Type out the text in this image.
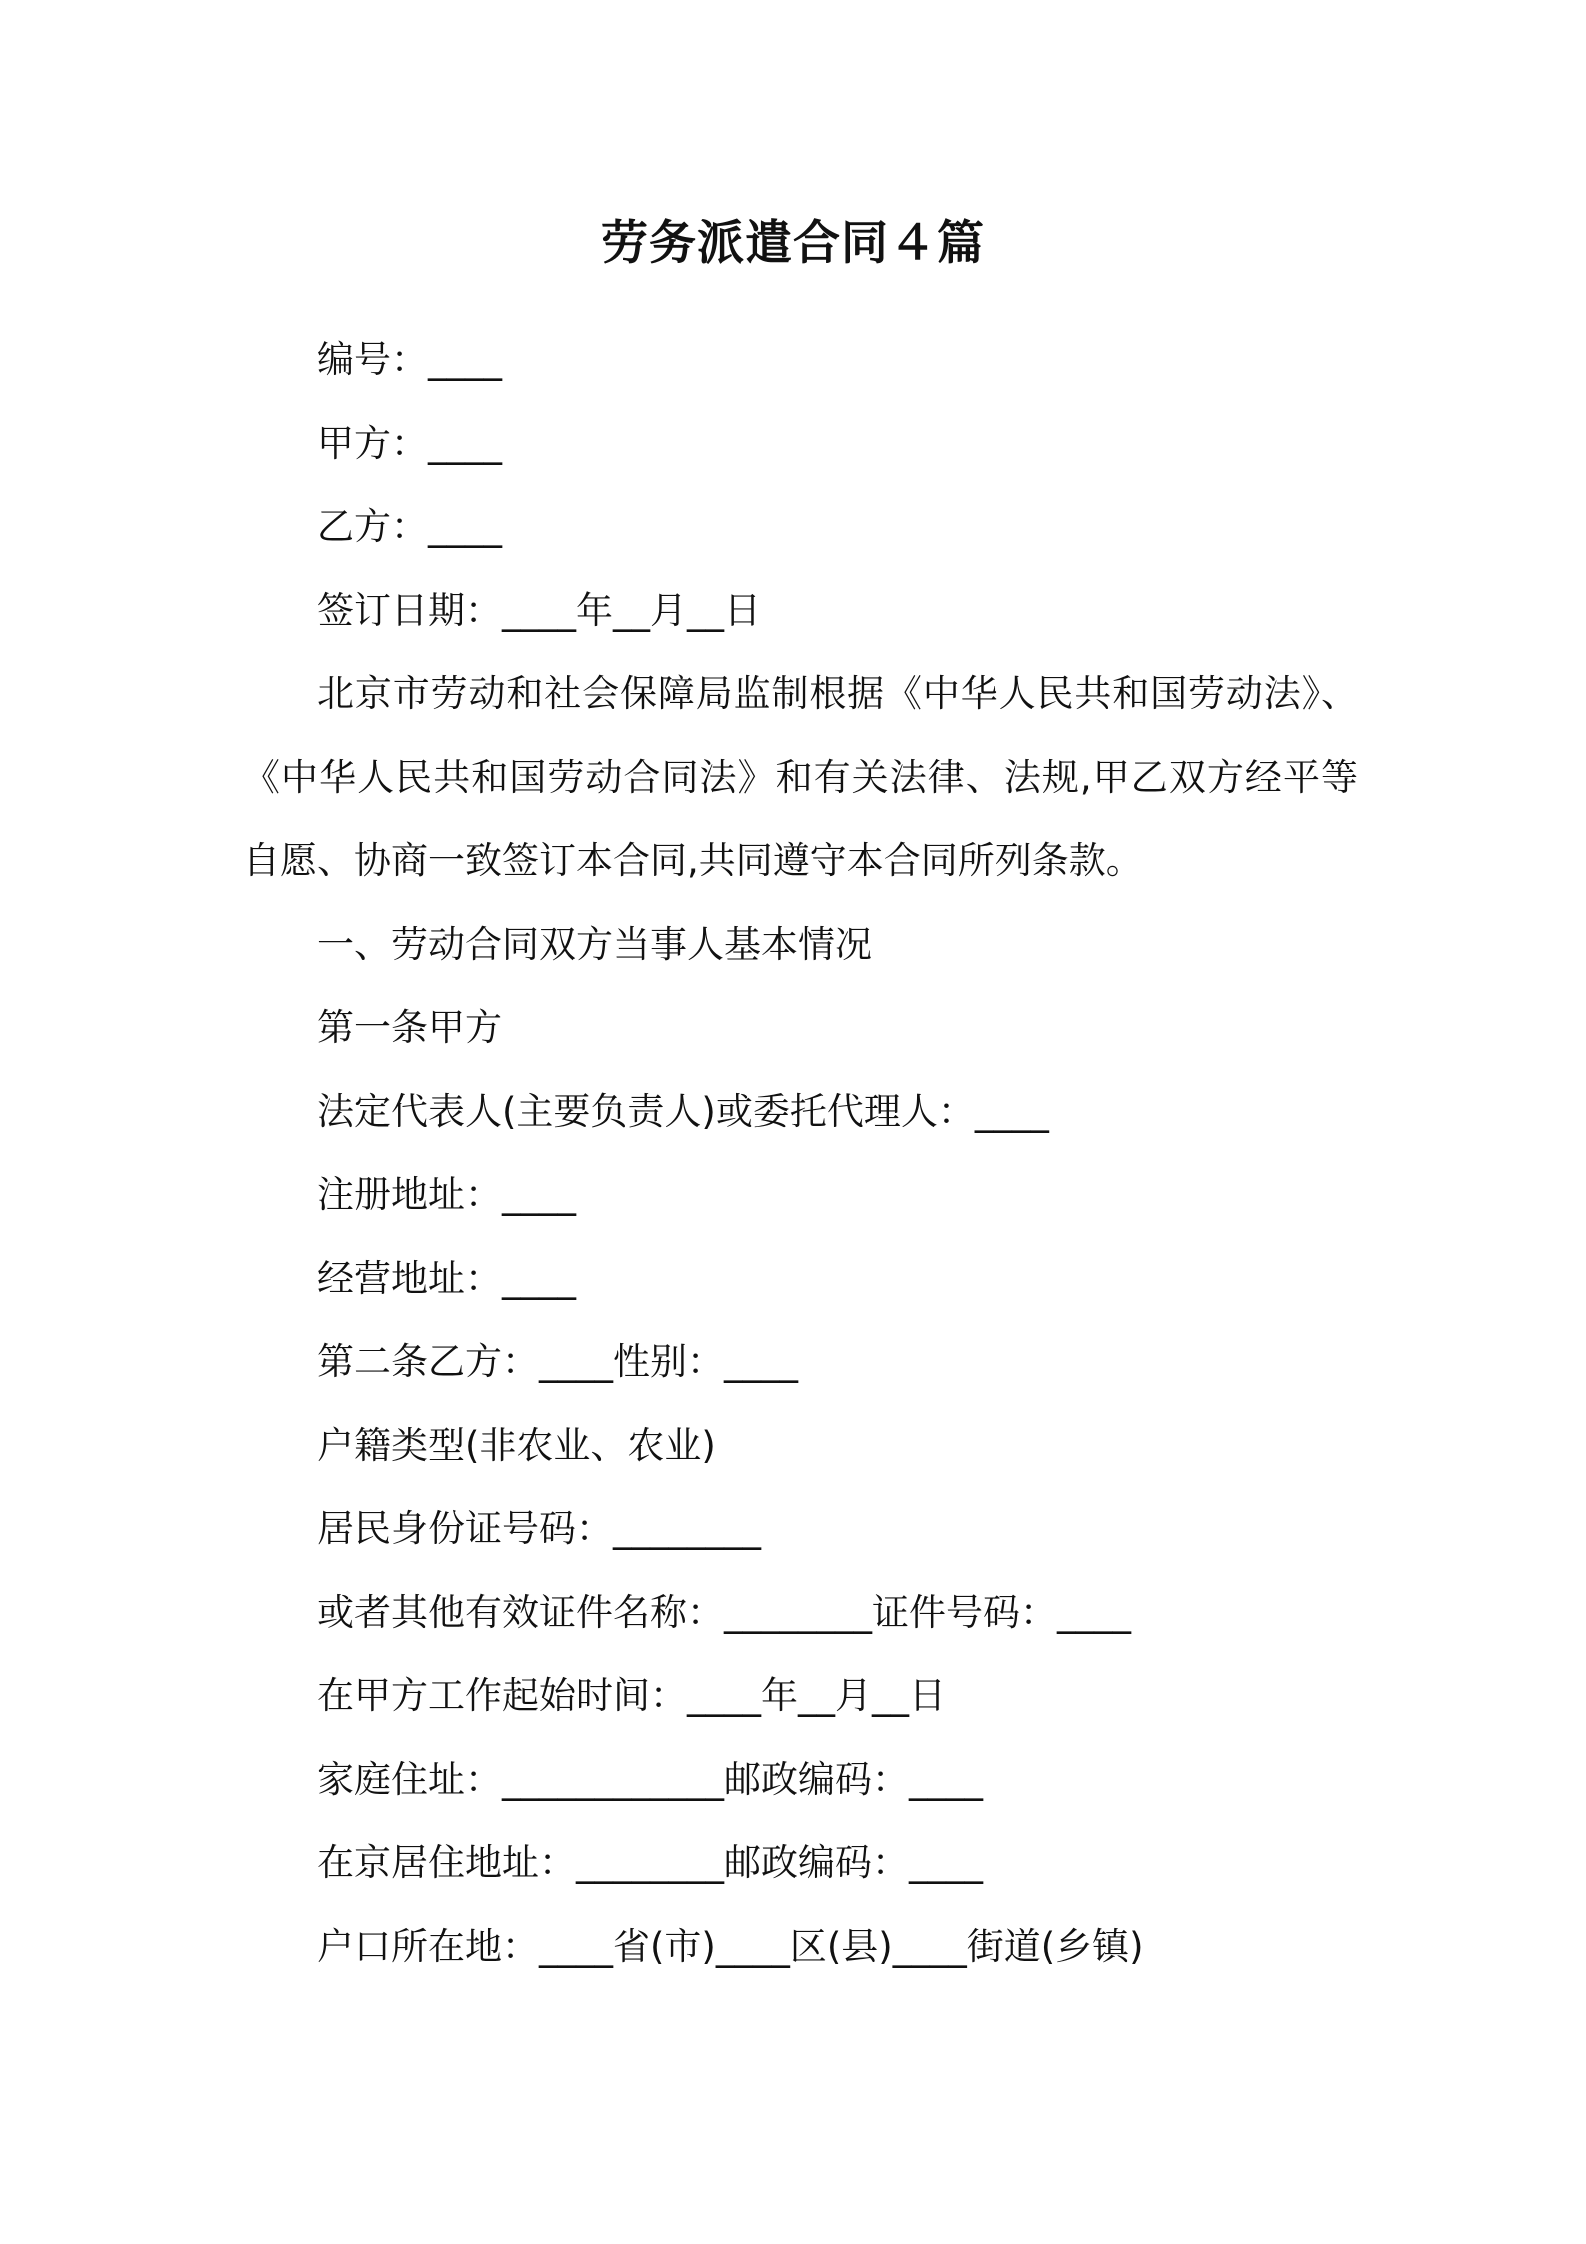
劳务派遣合同４篇

编号：____

甲方：____

乙方：____

签订日期：____年__月__日

北京市劳动和社会保障局监制根据《中华人民共和国劳动法》、《中华人民共和国劳动合同法》和有关法律、法规,甲乙双方经平等自愿、协商一致签订本合同,共同遵守本合同所列条款。

一、劳动合同双方当事人基本情况

第一条甲方

法定代表人(主要负责人)或委托代理人：____

注册地址：____

经营地址：____

第二条乙方：____性别：____

户籍类型(非农业、农业)

居民身份证号码：________

或者其他有效证件名称：________证件号码：____

在甲方工作起始时间：____年__月__日

家庭住址：____________邮政编码：____

在京居住地址：________邮政编码：____

户口所在地：____省(市)____区(县)____街道(乡镇)
